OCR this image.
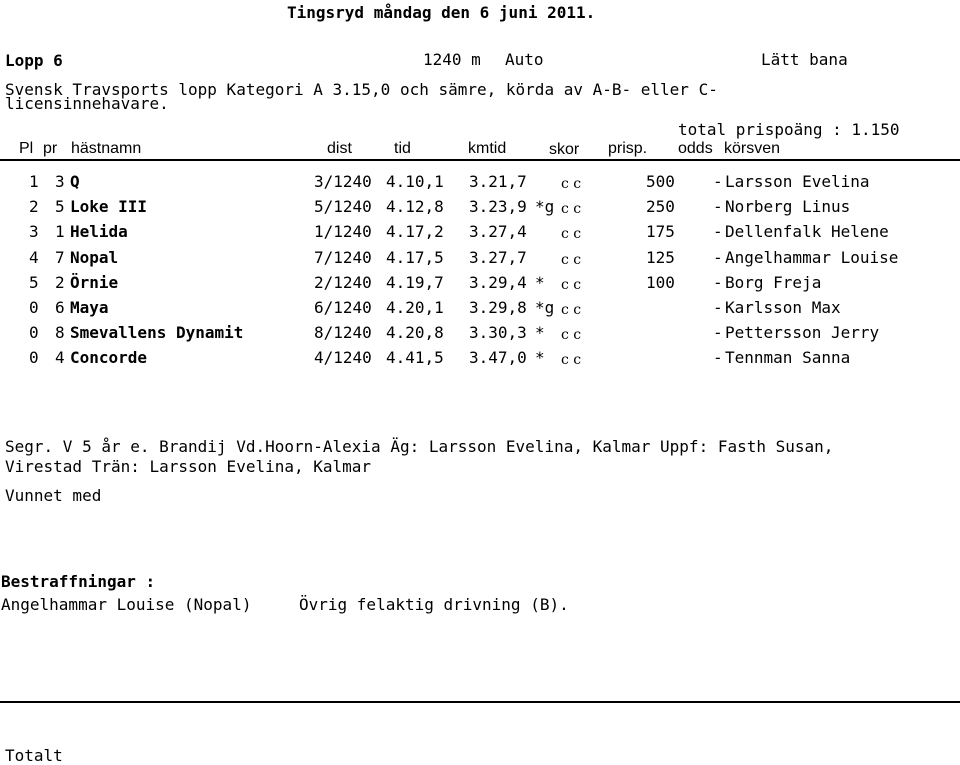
Tingsryd måndag den 6 juni 2011.
Lopp 6	1240 m Auto	Lätt bana
Svensk Travsports lopp Kategori A 3.15,0 och sämre, körda av A-B- eller C-
licensinnehavare.
total prispoäng : 1.150
Pl pr hästnamn	dist	tid	kmtid	skor prisp. odds körsven
1 3 Q	3/1240 4.10,1 3.21,7 c c	500 - Larsson Evelina
2 5 Loke III	5/1240 4.12,8 3.23,9 *g c c	250 - Norberg Linus
3 1 Helida	1/1240 4.17,2 3.27,4 c c	175 - Dellenfalk Helene
4 7 Nopal	7/1240 4.17,5 3.27,7 c c	125 - Angelhammar Louise
5 2 Örnie	2/1240 4.19,7 3.29,4 * c c	100 - Borg Freja
0 6 Maya	6/1240 4.20,1 3.29,8 *g c c	- Karlsson Max
0 8 Smevallens Dynamit	8/1240 4.20,8 3.30,3 * c c	- Pettersson Jerry
0 4 Concorde	4/1240 4.41,5 3.47,0 * c c	- Tennman Sanna
Segr. V 5 år e. Brandij Vd.Hoorn-Alexia Äg: Larsson Evelina, Kalmar Uppf: Fasth Susan,
Virestad Trän: Larsson Evelina, Kalmar
Vunnet med
Bestraffningar :
Angelhammar Louise (Nopal)	Övrig felaktig drivning (B).
Totalt
